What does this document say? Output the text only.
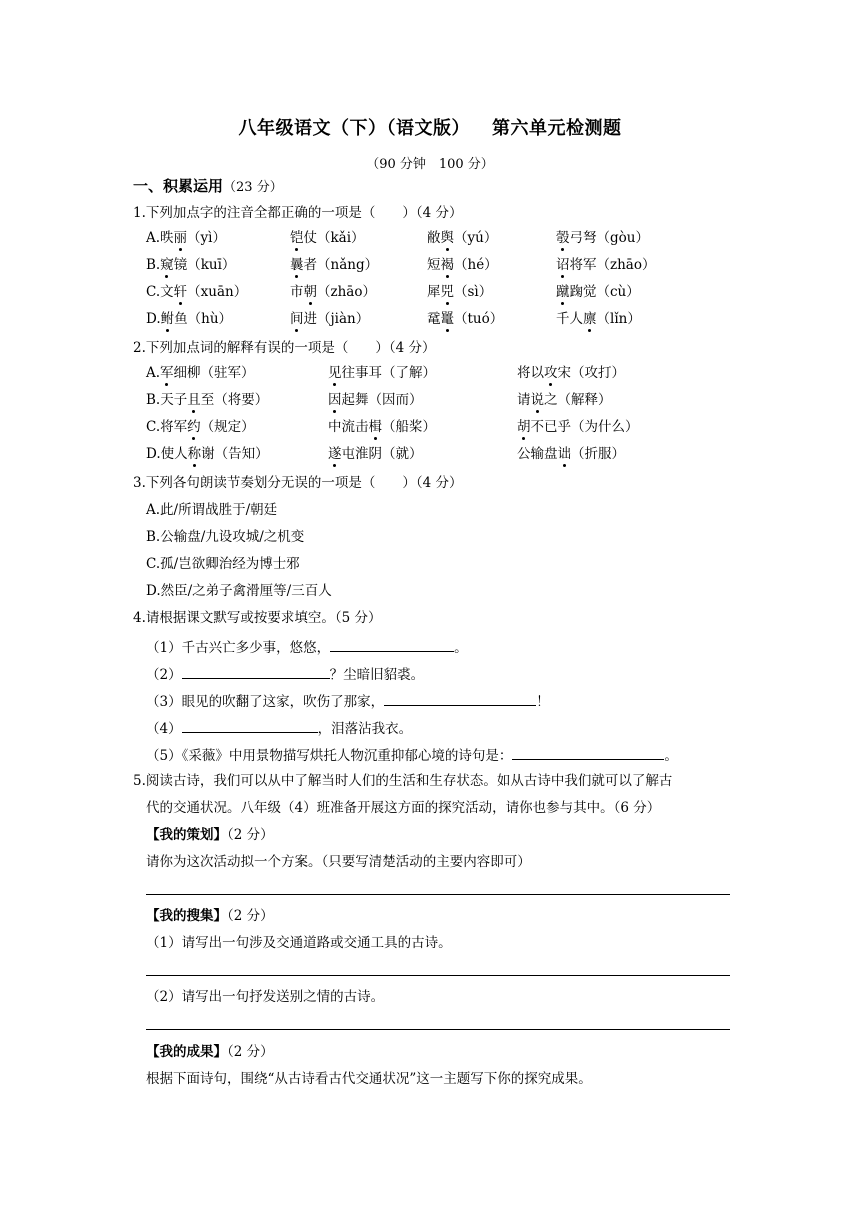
八年级语文（下）（语文版） 第六单元检测题
（90 分钟　100 分）
一、积累运用（23 分）
1.下列加点字的注音全都正确的一项是（　　）（4 分）
A.昳丽（yì）	铠仗（kǎi）	敝舆（yú）	彀弓弩（gòu）
B.窥镜（kuī）	曩者（nǎng）	短褐（hé）	诏将军（zhāo）
C.文轩（xuān）	市朝（zhāo）	犀兕（sì）	蹴踘觉（cù）
D.鲋鱼（hù）	间进（jiàn）	鼋鼍（tuó）	千人廪（lǐn）
2.下列加点词的解释有误的一项是（　　）（4 分）
A.军细柳（驻军）	见往事耳（了解）	将以攻宋（攻打）
B.天子且至（将要）	因起舞（因而）	请说之（解释）
C.将军约（规定）	中流击楫（船桨）	胡不已乎（为什么）
D.使人称谢（告知）	遂屯淮阴（就）	公输盘诎（折服）
3.下列各句朗读节奏划分无误的一项是（　　）（4 分）
A.此/所谓战胜于/朝廷
B.公输盘/九设攻城/之机变
C.孤/岂欲卿治经为博士邪
D.然臣/之弟子禽滑厘等/三百人
4.请根据课文默写或按要求填空。（5 分）
（1）千古兴亡多少事，悠悠，	。
（2）	？尘暗旧貂裘。
（3）眼见的吹翻了这家，吹伤了那家，	！
（4）	，泪落沾我衣。
（5）《采薇》中用景物描写烘托人物沉重抑郁心境的诗句是：	。
5.阅读古诗，我们可以从中了解当时人们的生活和生存状态。如从古诗中我们就可以了解古
代的交通状况。八年级（4）班准备开展这方面的探究活动，请你也参与其中。（6 分）
【我的策划】（2 分）
请你为这次活动拟一个方案。（只要写清楚活动的主要内容即可）
【我的搜集】（2 分）
（1）请写出一句涉及交通道路或交通工具的古诗。
（2）请写出一句抒发送别之情的古诗。
【我的成果】（2 分）
根据下面诗句，围绕“从古诗看古代交通状况”这一主题写下你的探究成果。
